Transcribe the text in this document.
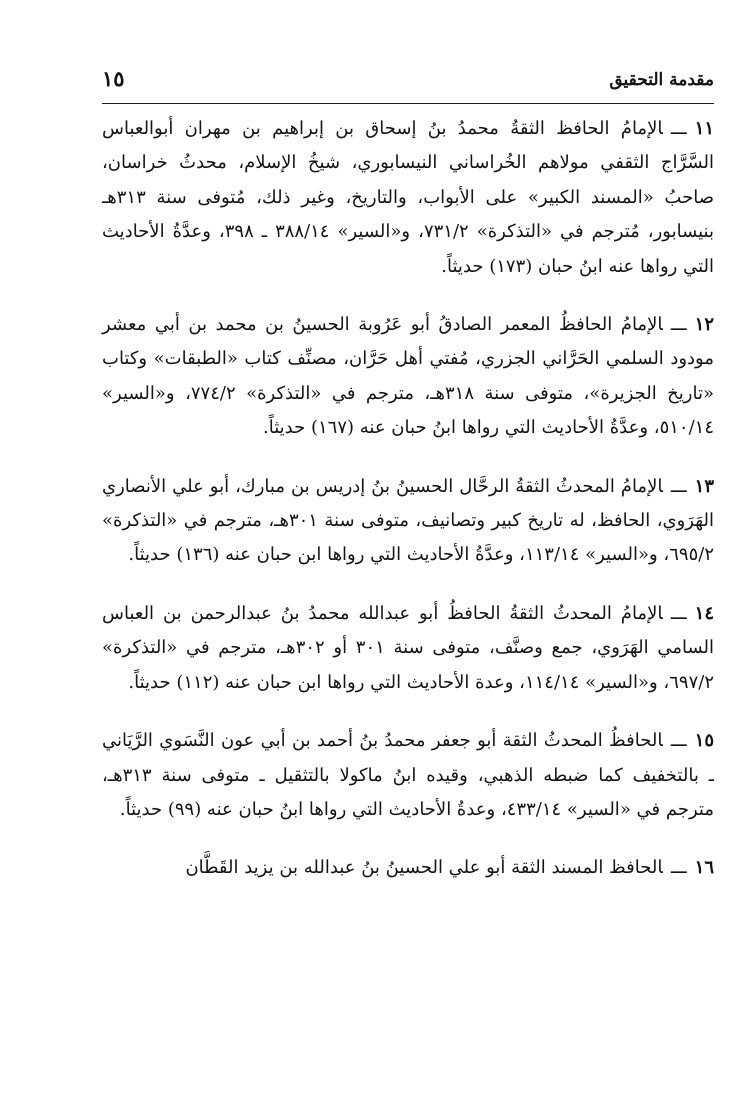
مقدمة التحقيق
١٥

١١ـــالإمامُ الحافظ الثقةُ محمدُ بنُ إسحاق بن إبراهيم بن مهران أبوالعباس السَّرَّاج الثقفي مولاهم الخُراساني النيسابوري، شيخُ الإسلام، محدثُ خراسان، صاحبُ «المسند الكبير» على الأبواب، والتاريخ، وغير ذلك، مُتوفى سنة ٣١٣هـ بنيسابور، مُترجم في «التذكرة» ٧٣١/٢، و«السير» ٣٨٨/١٤ ـ ٣٩٨، وعدَّةُ الأحاديث التي رواها عنه ابنُ حبان (١٧٣) حديثاً.

١٢ـــالإمامُ الحافظُ المعمر الصادقُ أبو عَرُوبة الحسينُ بن محمد بن أبي معشر مودود السلمي الحَرَّاني الجزري، مُفتي أهل حَرَّان، مصنِّف كتاب «الطبقات» وكتاب «تاريخ الجزيرة»، متوفى سنة ٣١٨هـ، مترجم في «التذكرة» ٧٧٤/٢، و«السير» ٥١٠/١٤، وعدَّةُ الأحاديث التي رواها ابنُ حبان عنه (١٦٧) حديثاً.

١٣ـــالإمامُ المحدثُ الثقةُ الرحَّال الحسينُ بنُ إدريس بن مبارك، أبو علي الأنصاري الهَرَوي، الحافظ، له تاريخ كبير وتصانيف، متوفى سنة ٣٠١هـ، مترجم في «التذكرة» ٦٩٥/٢، و«السير» ١١٣/١٤، وعدَّةُ الأحاديث التي رواها ابن حبان عنه (١٣٦) حديثاً.

١٤ـــالإمامُ المحدثُ الثقةُ الحافظُ أبو عبدالله محمدُ بنُ عبدالرحمن بن العباس السامي الهَرَوي، جمع وصنَّف، متوفى سنة ٣٠١ أو ٣٠٢هـ، مترجم في «التذكرة» ٦٩٧/٢، و«السير» ١١٤/١٤، وعدة الأحاديث التي رواها ابن حبان عنه (١١٢) حديثاً.

١٥ـــالحافظُ المحدثُ الثقة أبو جعفر محمدُ بنُ أحمد بن أبي عون النَّسَوي الرَّيَاني ـ بالتخفيف كما ضبطه الذهبي، وقيده ابنُ ماكولا بالتثقيل ـ متوفى سنة ٣١٣هـ، مترجم في «السير» ٤٣٣/١٤، وعدةُ الأحاديث التي رواها ابنُ حبان عنه (٩٩) حديثاً.

١٦ـــالحافظ المسند الثقة أبو علي الحسينُ بنُ عبدالله بن يزيد القَطَّان
